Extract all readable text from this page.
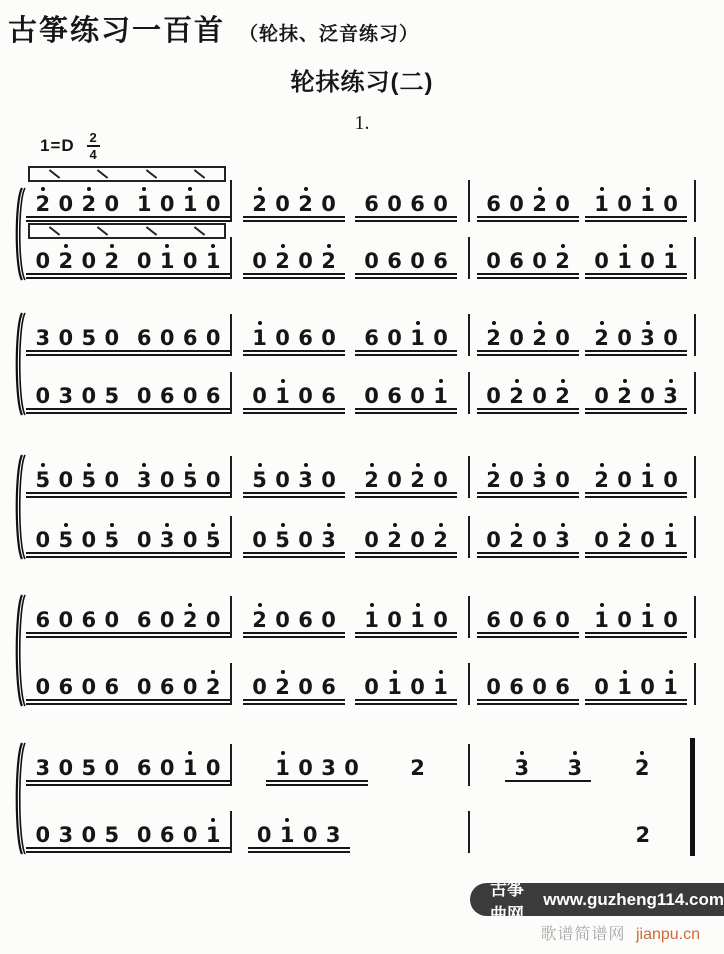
古筝练习一百首 （轮抹、泛音练习）
轮抹练习(二)
1.
$1=D \frac{2}{4}$
2 0 2 0 1 0 1 0 2 0 2 0 6 0 6 0 6 0 2 0 1 0 1 0
0 2 0 2 0 1 0 1 0 2 0 2 0 6 0 6 0 6 0 2 0 1 0 1
3 0 5 0 6 0 6 0 1 0 6 0 6 0 1 0 2 0 2 0 2 0 3 0
0 3 0 5 0 6 0 6 0 1 0 6 0 6 0 1 0 2 0 2 0 2 0 3
5 0 5 0 3 0 5 0 5 0 3 0 2 0 2 0 2 0 3 0 2 0 1 0
0 5 0 5 0 3 0 5 0 5 0 3 0 2 0 2 0 2 0 3 0 2 0 1
6 0 6 0 6 0 2 0 2 0 6 0 1 0 1 0 6 0 6 0 1 0 1 0
0 6 0 6 0 6 0 2 0 2 0 6 0 1 0 1 0 6 0 6 0 1 0 1
3 0 5 0 6 0 1 0	1 0 3 0 2	3 3	2
0 3 0 5 0 6 0 1 0 1 0 3	2
古筝曲网
www.guzheng114.com
歌谱简谱网 jianpu.cn
